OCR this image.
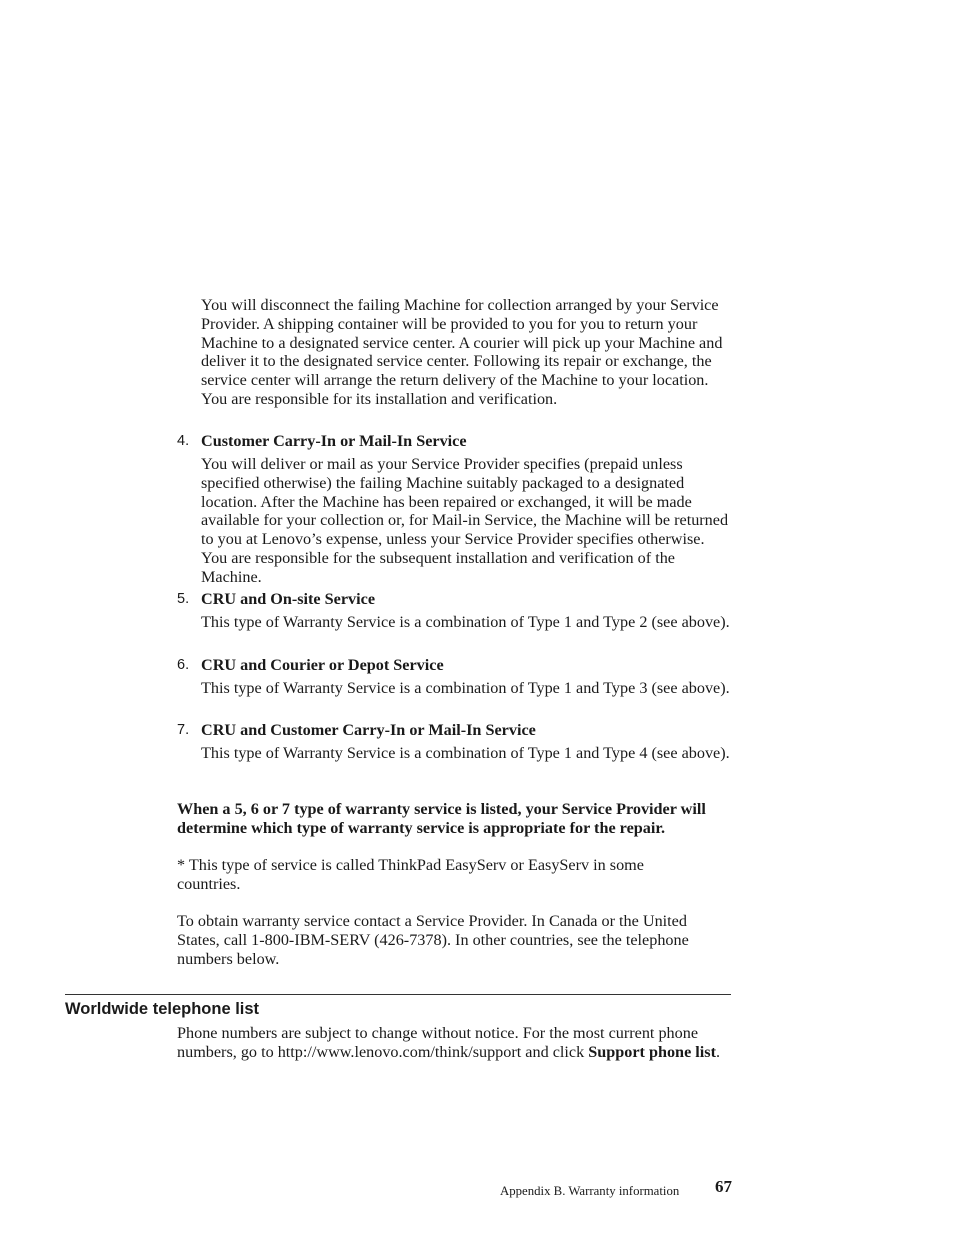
You will disconnect the failing Machine for collection arranged by your Service Provider. A shipping container will be provided to you for you to return your Machine to a designated service center. A courier will pick up your Machine and deliver it to the designated service center. Following its repair or exchange, the service center will arrange the return delivery of the Machine to your location. You are responsible for its installation and verification.

4. Customer Carry-In or Mail-In Service

You will deliver or mail as your Service Provider specifies (prepaid unless specified otherwise) the failing Machine suitably packaged to a designated location. After the Machine has been repaired or exchanged, it will be made available for your collection or, for Mail-in Service, the Machine will be returned to you at Lenovo’s expense, unless your Service Provider specifies otherwise. You are responsible for the subsequent installation and verification of the Machine.

5. CRU and On-site Service

This type of Warranty Service is a combination of Type 1 and Type 2 (see above).

6. CRU and Courier or Depot Service

This type of Warranty Service is a combination of Type 1 and Type 3 (see above).

7. CRU and Customer Carry-In or Mail-In Service

This type of Warranty Service is a combination of Type 1 and Type 4 (see above).

When a 5, 6 or 7 type of warranty service is listed, your Service Provider will determine which type of warranty service is appropriate for the repair.

* This type of service is called ThinkPad EasyServ or EasyServ in some countries.

To obtain warranty service contact a Service Provider. In Canada or the United States, call 1-800-IBM-SERV (426-7378). In other countries, see the telephone numbers below.

Worldwide telephone list

Phone numbers are subject to change without notice. For the most current phone numbers, go to http://www.lenovo.com/think/support and click Support phone list.

Appendix B. Warranty information 67
